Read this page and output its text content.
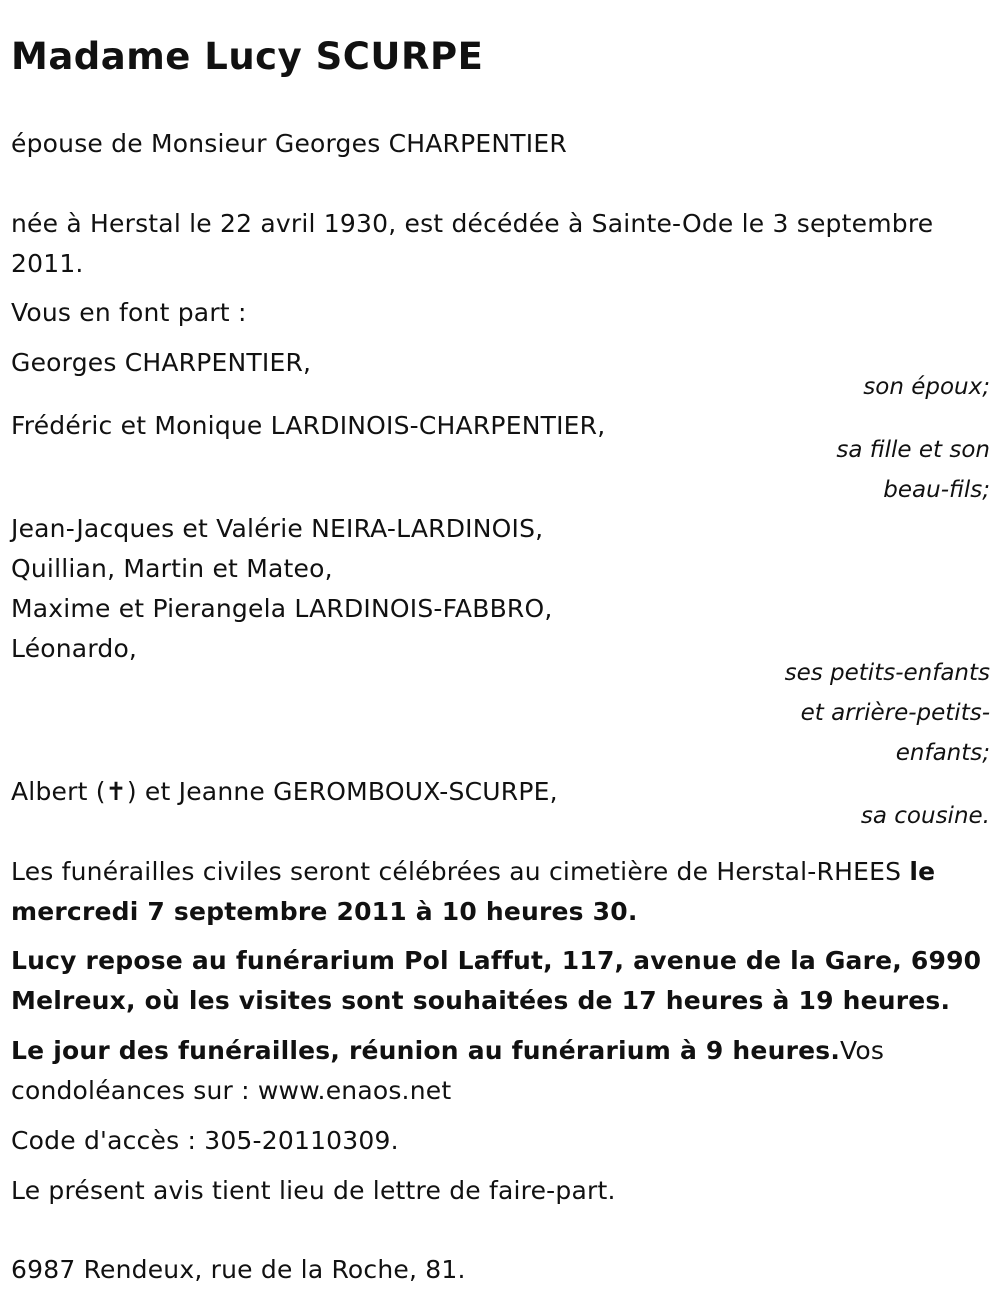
Madame Lucy SCURPE
épouse de Monsieur Georges CHARPENTIER
née à Herstal le 22 avril 1930, est décédée à Sainte-Ode le 3 septembre
2011.
Vous en font part :
Georges CHARPENTIER,
son époux;
Frédéric et Monique LARDINOIS-CHARPENTIER,
sa fille et son
beau-fils;
Jean-Jacques et Valérie NEIRA-LARDINOIS,
Quillian, Martin et Mateo,
Maxime et Pierangela LARDINOIS-FABBRO,
Léonardo,
ses petits-enfants
et arrière-petits-
enfants;
Albert (✝) et Jeanne GEROMBOUX-SCURPE,
sa cousine.
Les funérailles civiles seront célébrées au cimetière de Herstal-RHEES le
mercredi 7 septembre 2011 à 10 heures 30.
Lucy repose au funérarium Pol Laffut, 117, avenue de la Gare, 6990
Melreux, où les visites sont souhaitées de 17 heures à 19 heures.
Le jour des funérailles, réunion au funérarium à 9 heures.Vos
condoléances sur : www.enaos.net
Code d'accès : 305-20110309.
Le présent avis tient lieu de lettre de faire-part.
6987 Rendeux, rue de la Roche, 81.
